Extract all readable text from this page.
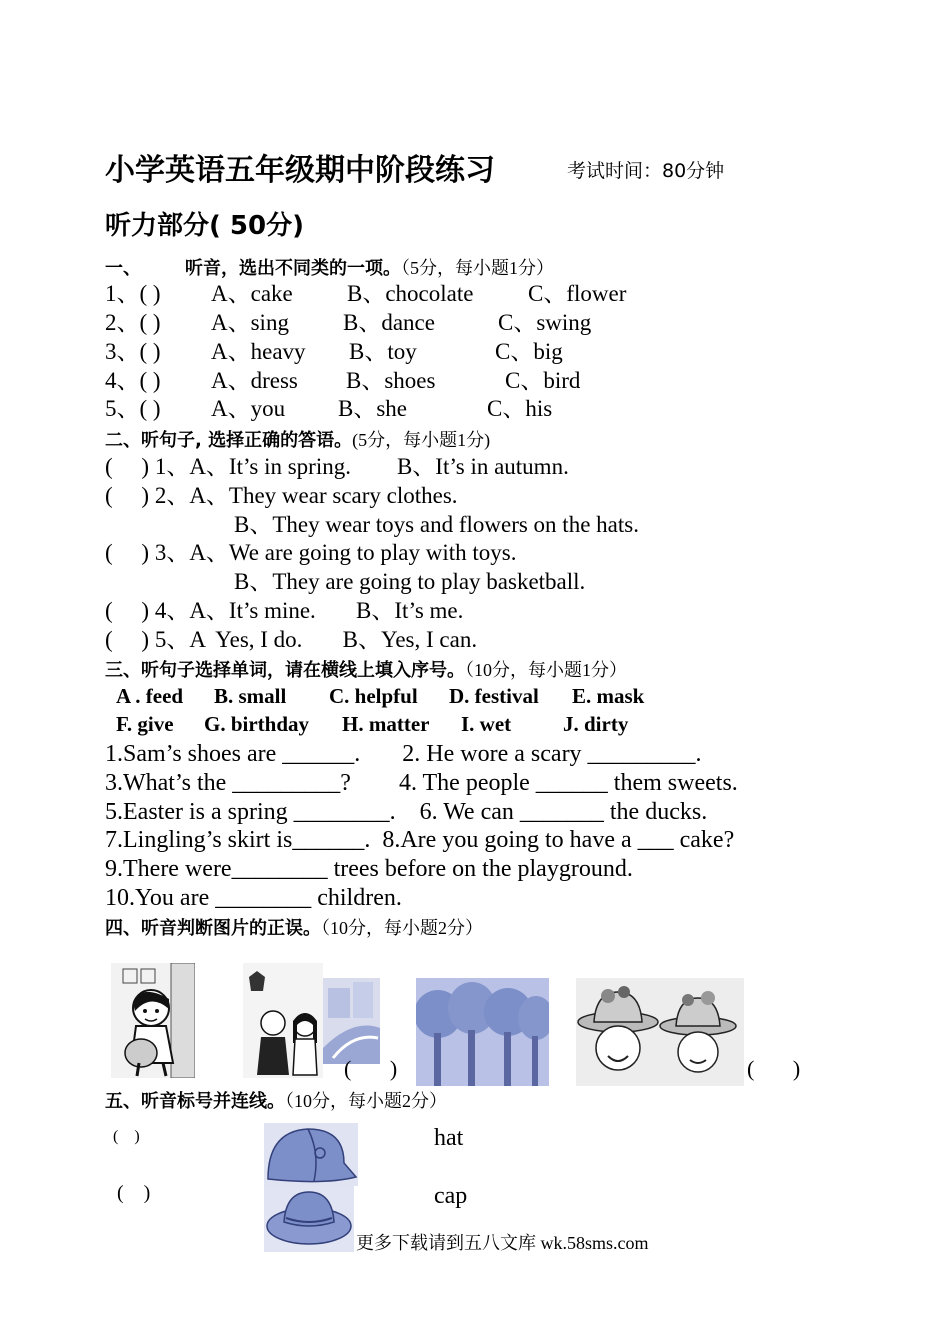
小学英语五年级期中阶段练习	考试时间：80分钟
听力部分( 50分)
一、 听音，选出不同类的一项。（5分，每小题1分）
1、( ) A、cake B、chocolate C、flower
2、( ) A、sing B、dance	C、swing
3、( ) A、heavy B、toy	C、big
4、( ) A、dress B、shoes	C、bird
5、( ) A、you B、she	C、his
二、听句子, 选择正确的答语。(5分，每小题1分)
(     ) 1、A、It’s in spring.        B、It’s in autumn.
(     ) 2、A、They wear scary clothes.
B、They wear toys and flowers on the hats.
(     ) 3、A、We are going to play with toys.
B、They are going to play basketball.
(     ) 4、A、It’s mine.       B、It’s me.
(     ) 5、A  Yes, I do.       B、Yes, I can.
三、听句子选择单词，请在横线上填入序号。（10分，每小题1分）
A . feed B. small C. helpful D. festival E. mask
F. give G. birthday H. matter I. wet J. dirty
1.Sam’s shoes are ______.       2. He wore a scary _________.
3.What’s the _________?        4. The people ______ them sweets.
5.Easter is a spring ________.    6. We can _______ the ducks.
7.Lingling’s skirt is______.  8.Are you going to have a ___ cake?
9.There were________ trees before on the playground.
10.You are ________ children.
四、听音判断图片的正误。（10分，每小题2分）
(       )	(       )
五、听音标号并连线。（10分，每小题2分）
(    )
(    )
hat
cap
更多下载请到五八文库 wk.58sms.com
